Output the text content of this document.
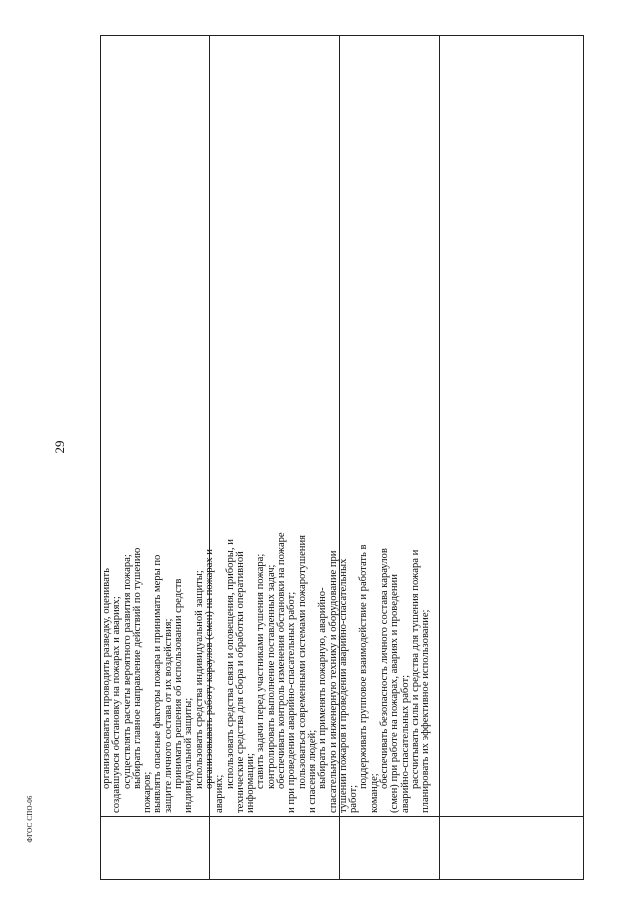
29
организовывать и проводить разведку, оценивать создавшуюся обстановку на пожарах и авариях; осуществлять расчеты вероятного развития пожара; выбирать главное направление действий по тушению
пожаров; выявлять опасные факторы пожара и принимать меры по защите личного состава от их воздействия; принимать решения об использовании средств индивидуальной защиты; использовать средства индивидуальной защиты; организовывать работу караулов (смен) на пожарах и
авариях;
использовать средства связи и оповещения, приборы, и технические средства для сбора и обработки оперативной информации; ставить задачи перед участниками тушения пожара; контролировать выполнение поставленных задач; обеспечивать контроль изменения обстановки на пожаре и при проведении аварийно-спасательных работ; пользоваться современными системами пожаротушения и спасения людей; выбирать и применять пожарную, аварийно- спасательную и инженерную технику и оборудование при тушении пожаров и проведении аварийно-спасательных работ;
поддерживать групповое взаимодействие и работать в
команде;
обеспечивать безопасность личного состава караулов (смен) при работе на пожарах, авариях и проведении аварийно-спасательных работ; рассчитывать силы и средства для тушения пожара и планировать их эффективное использование;
ФГОС СПО-06
